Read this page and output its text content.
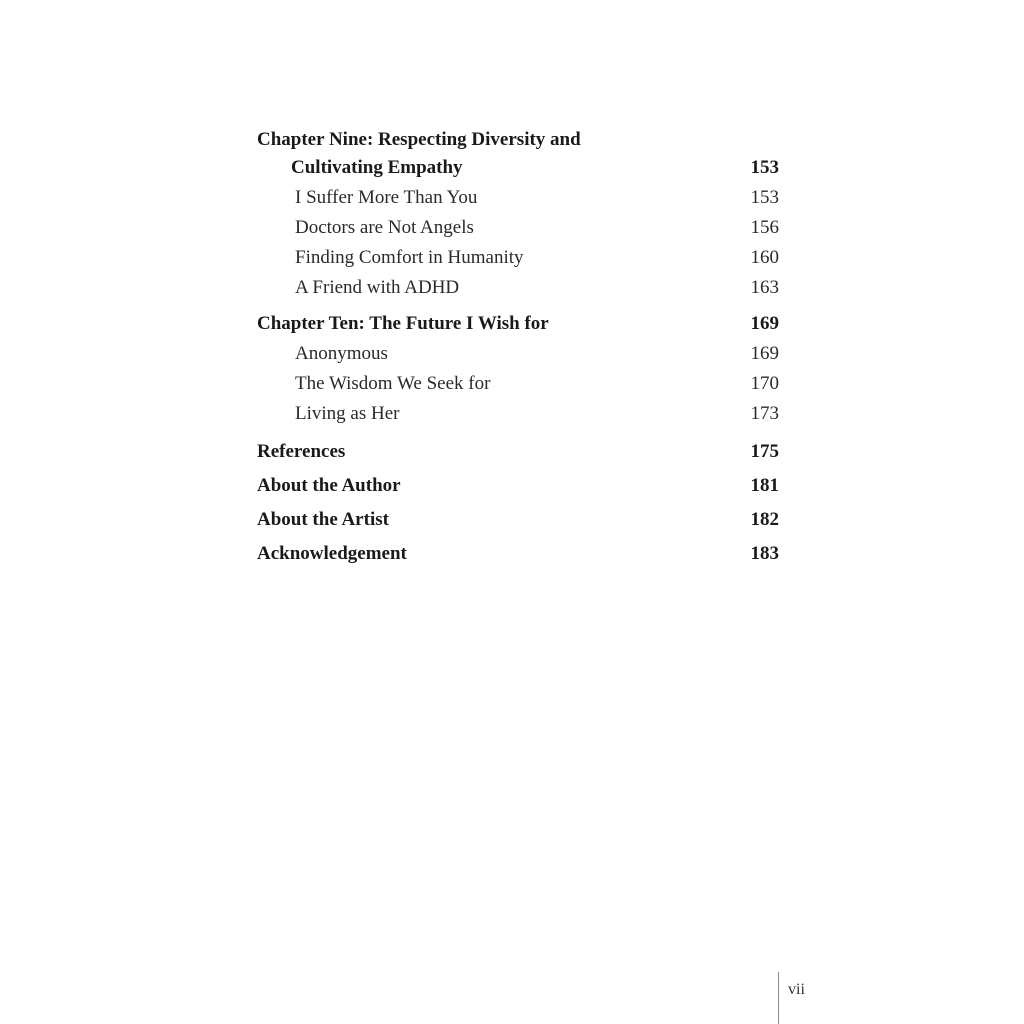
Chapter Nine: Respecting Diversity and
Cultivating Empathy	153
I Suffer More Than You	153
Doctors are Not Angels	156
Finding Comfort in Humanity	160
A Friend with ADHD	163
Chapter Ten: The Future I Wish for	169
Anonymous	169
The Wisdom We Seek for	170
Living as Her	173
References	175
About the Author	181
About the Artist	182
Acknowledgement	183
vii
